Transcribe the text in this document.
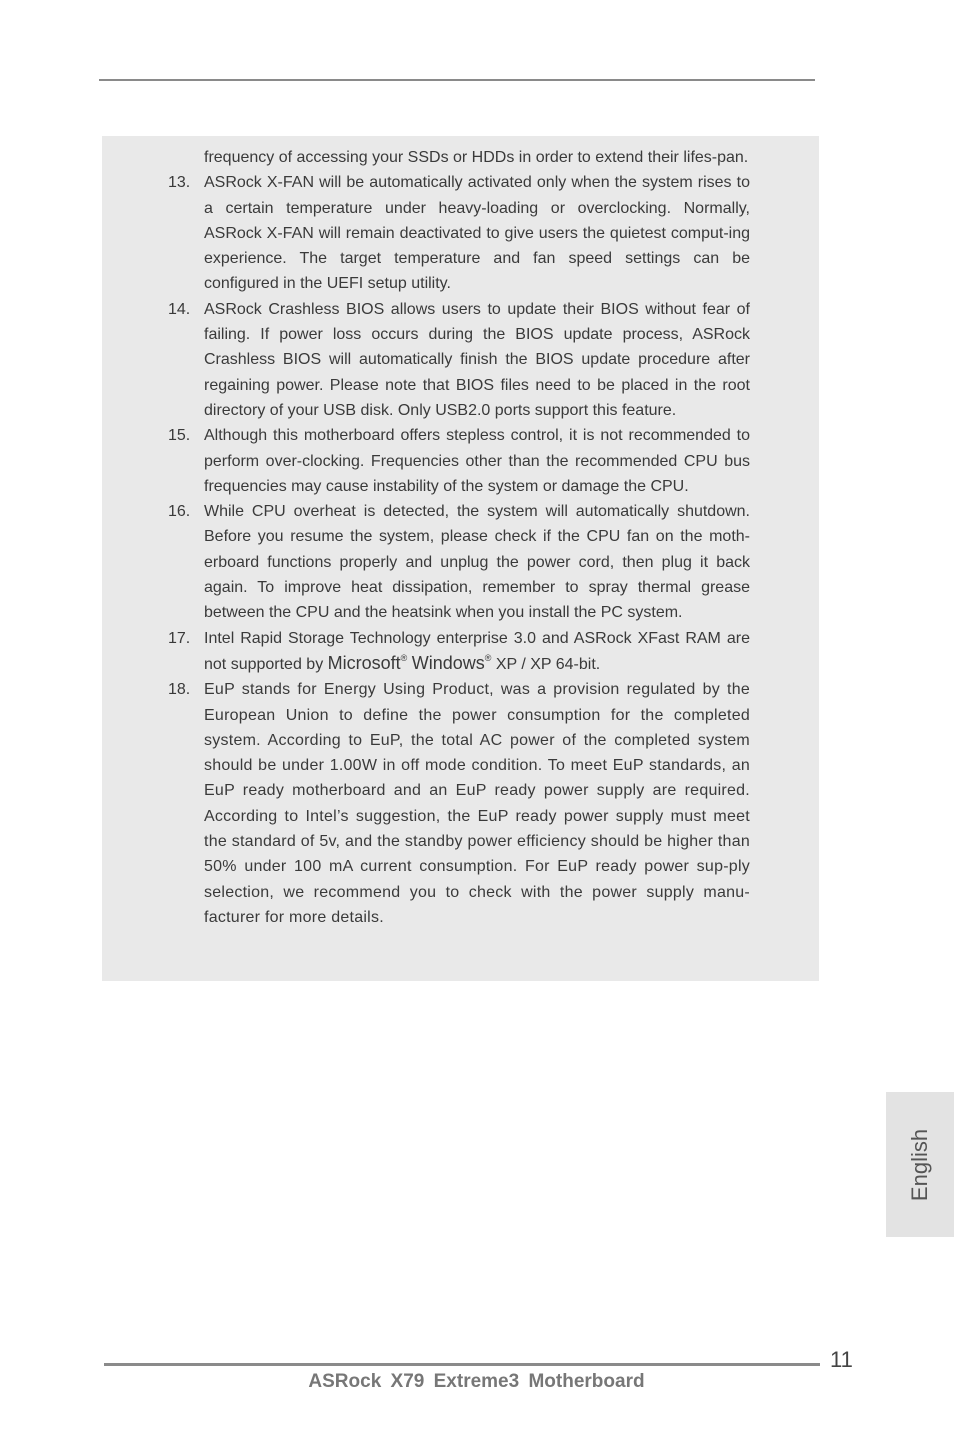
frequency of accessing your SSDs or HDDs in order to extend their lifes-pan.
13. ASRock X-FAN will be automatically activated only when the system rises to a certain temperature under heavy-loading or overclocking. Normally, ASRock X-FAN will remain deactivated to give users the quietest comput-ing experience. The target temperature and fan speed settings can be configured in the UEFI setup utility.
14. ASRock Crashless BIOS allows users to update their BIOS without fear of failing. If power loss occurs during the BIOS update process, ASRock Crashless BIOS will automatically finish the BIOS update procedure after regaining power. Please note that BIOS files need to be placed in the root directory of your USB disk. Only USB2.0 ports support this feature.
15. Although this motherboard offers stepless control, it is not recommended to perform over-clocking. Frequencies other than the recommended CPU bus frequencies may cause instability of the system or damage the CPU.
16. While CPU overheat is detected, the system will automatically shutdown. Before you resume the system, please check if the CPU fan on the moth-erboard functions properly and unplug the power cord, then plug it back again. To improve heat dissipation, remember to spray thermal grease between the CPU and the heatsink when you install the PC system.
17. Intel Rapid Storage Technology enterprise 3.0 and ASRock XFast RAM are not supported by Microsoft® Windows® XP / XP 64-bit.
18. EuP stands for Energy Using Product, was a provision regulated by the European Union to define the power consumption for the completed system. According to EuP, the total AC power of the completed system should be under 1.00W in off mode condition. To meet EuP standards, an EuP ready motherboard and an EuP ready power supply are required. According to Intel’s suggestion, the EuP ready power supply must meet the standard of 5v, and the standby power efficiency should be higher than 50% under 100 mA current consumption. For EuP ready power sup-ply selection, we recommend you to check with the power supply manu-facturer for more details.
English
11
ASRock X79 Extreme3 Motherboard
